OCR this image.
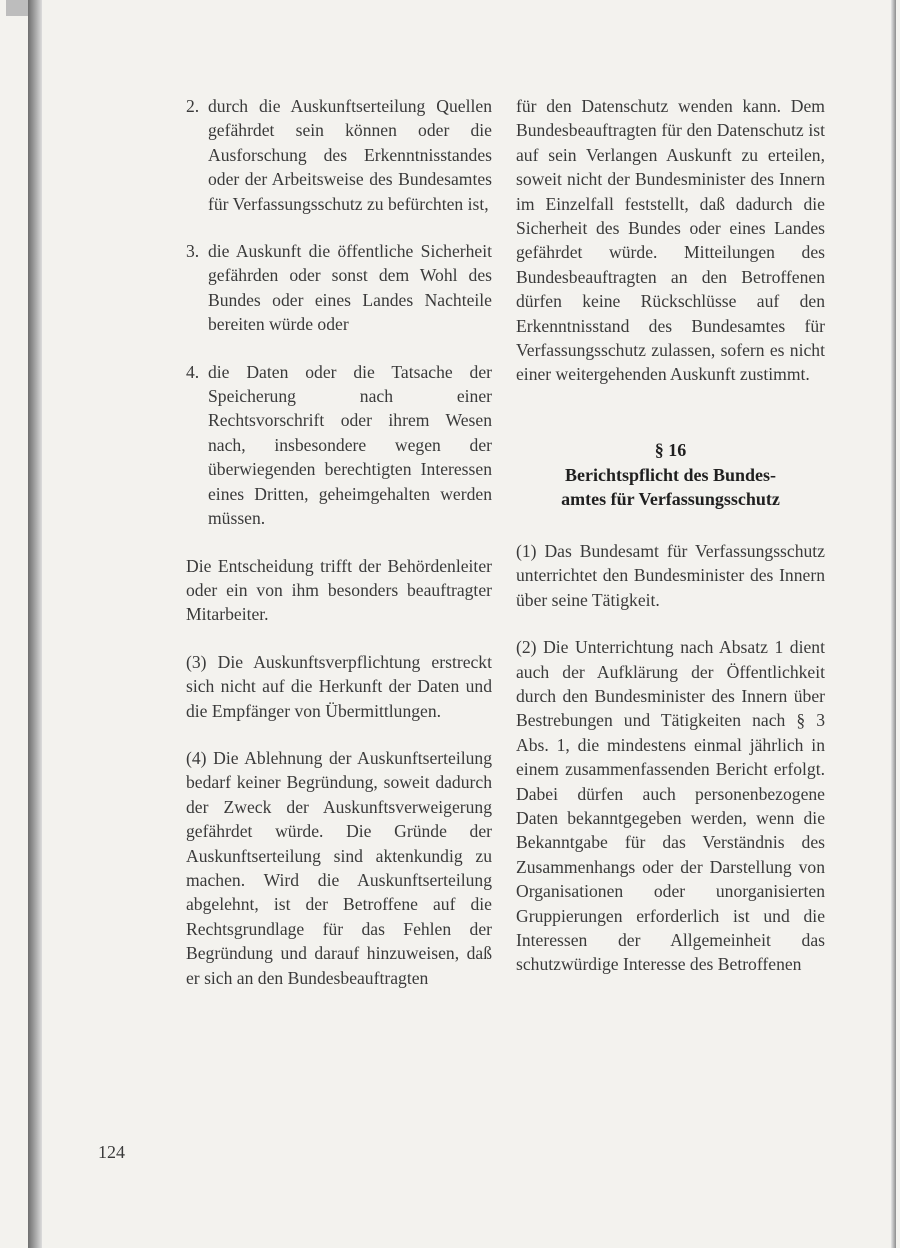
2. durch die Auskunftserteilung Quellen gefährdet sein können oder die Ausforschung des Erkenntnisstandes oder der Arbeitsweise des Bundesamtes für Verfassungsschutz zu befürchten ist,
3. die Auskunft die öffentliche Sicherheit gefährden oder sonst dem Wohl des Bundes oder eines Landes Nachteile bereiten würde oder
4. die Daten oder die Tatsache der Speicherung nach einer Rechtsvorschrift oder ihrem Wesen nach, insbesondere wegen der überwiegenden berechtigten Interessen eines Dritten, geheimgehalten werden müssen.

Die Entscheidung trifft der Behördenleiter oder ein von ihm besonders beauftragter Mitarbeiter.

(3) Die Auskunftsverpflichtung erstreckt sich nicht auf die Herkunft der Daten und die Empfänger von Übermittlungen.

(4) Die Ablehnung der Auskunftserteilung bedarf keiner Begründung, soweit dadurch der Zweck der Auskunftsverweigerung gefährdet würde. Die Gründe der Auskunftserteilung sind aktenkundig zu machen. Wird die Auskunftserteilung abgelehnt, ist der Betroffene auf die Rechtsgrundlage für das Fehlen der Begründung und darauf hinzuweisen, daß er sich an den Bundesbeauftragten

für den Datenschutz wenden kann. Dem Bundesbeauftragten für den Datenschutz ist auf sein Verlangen Auskunft zu erteilen, soweit nicht der Bundesminister des Innern im Einzelfall feststellt, daß dadurch die Sicherheit des Bundes oder eines Landes gefährdet würde. Mitteilungen des Bundesbeauftragten an den Betroffenen dürfen keine Rückschlüsse auf den Erkenntnisstand des Bundesamtes für Verfassungsschutz zulassen, sofern es nicht einer weitergehenden Auskunft zustimmt.

§ 16
Berichtspflicht des Bundes-
amtes für Verfassungsschutz

(1) Das Bundesamt für Verfassungsschutz unterrichtet den Bundesminister des Innern über seine Tätigkeit.

(2) Die Unterrichtung nach Absatz 1 dient auch der Aufklärung der Öffentlichkeit durch den Bundesminister des Innern über Bestrebungen und Tätigkeiten nach § 3 Abs. 1, die mindestens einmal jährlich in einem zusammenfassenden Bericht erfolgt. Dabei dürfen auch personenbezogene Daten bekanntgegeben werden, wenn die Bekanntgabe für das Verständnis des Zusammenhangs oder der Darstellung von Organisationen oder unorganisierten Gruppierungen erforderlich ist und die Interessen der Allgemeinheit das schutzwürdige Interesse des Betroffenen

124
